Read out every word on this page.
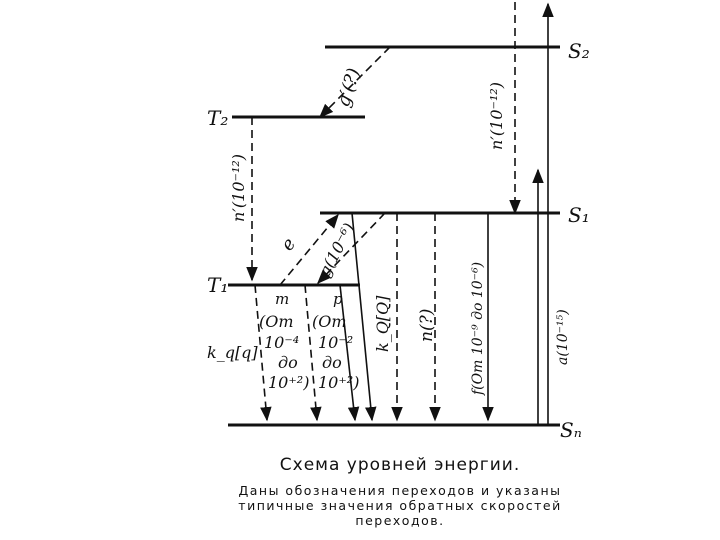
S₂
T₂
S₁
T₁
Sₙ
g′(?)	n′(10⁻¹²)
n′(10⁻¹²)
e g(10⁻⁶)
k_Q[Q] n(?) f(От 10⁻⁹ до 10⁻⁶)	a(10⁻¹⁵)
m	p
k_q[q]
(От
10⁻⁴
до
10⁺²)
(От
10⁻²
до
10⁺²)
Схема уровней энергии.
Даны обозначения переходов и указаны
типичные значения обратных скоростей
переходов.
